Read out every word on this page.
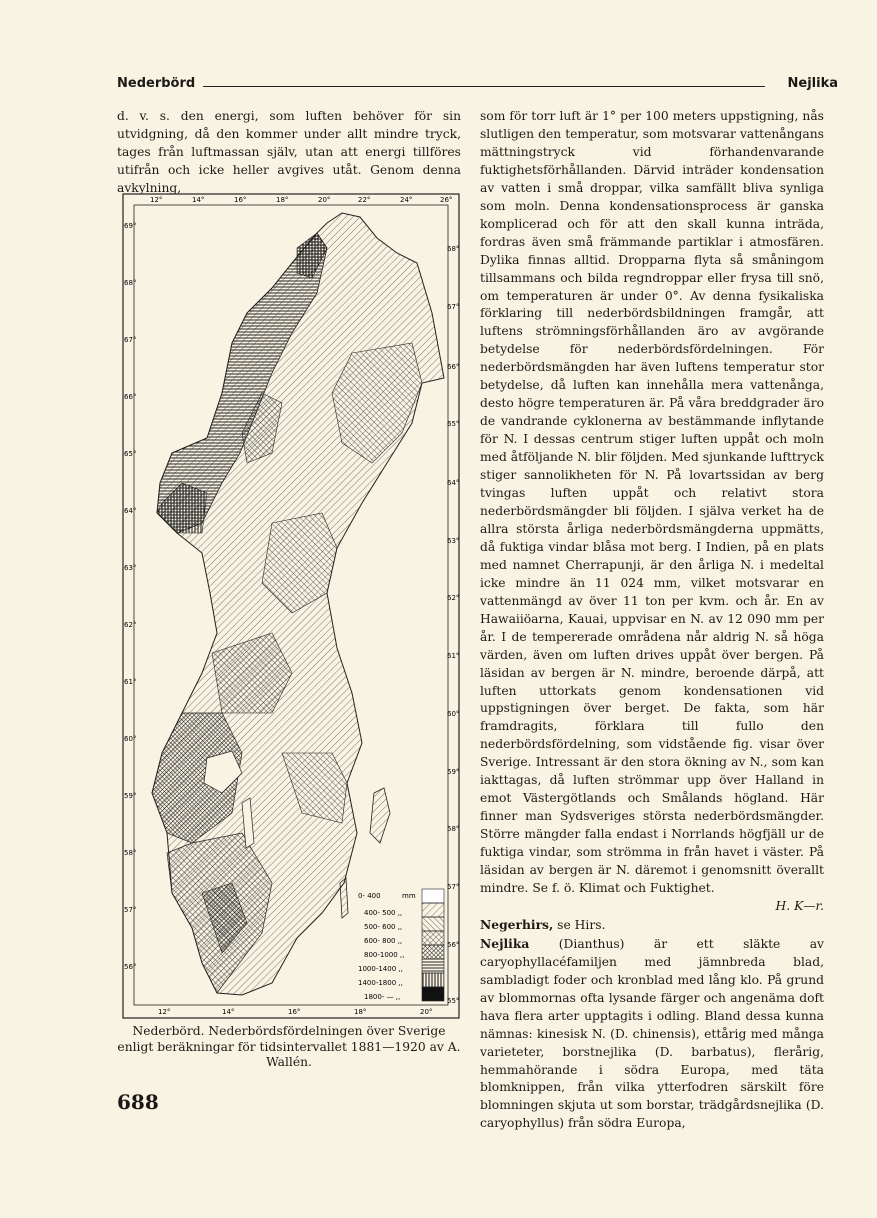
Nederbörd	Nejlika

d. v. s. den energi, som luften behöver för sin utvidgning, då den kommer under allt mindre tryck, tages från luftmassan själv, utan att energi tillföres utifrån och icke heller avgives utåt. Genom denna avkylning,

12°	14°	16°	18°	20°	22°	24°	26°
12°	14°	16°	18°	20°
69°
68°
67°
66°
65°
64°
63°
62°
61°
60°
59°
58°
57°
56°
68°
67°
66°
65°
64°
63°
62°
61°
60°
59°
58°
57°
56°
55°
0- 400	mm
400- 500 ,,
500- 600 ,,
600- 800 ,,
800-1000 ,,
1000-1400 ,,
1400-1800 ,,
1800- — ,,
Nederbörd. Nederbördsfördelningen över Sverige enligt beräkningar för tidsintervallet 1881—1920 av A. Wallén.

som för torr luft är 1° per 100 meters uppstigning, nås slutligen den temperatur, som motsvarar vattenångans mättningstryck vid förhandenvarande fuktighetsförhållanden. Därvid inträder kondensation av vatten i små droppar, vilka samfällt bliva synliga som moln. Denna kondensationsprocess är ganska komplicerad och för att den skall kunna inträda, fordras även små främmande partiklar i atmosfären. Dylika finnas alltid. Dropparna flyta så småningom tillsammans och bilda regndroppar eller frysa till snö, om temperaturen är under 0°. Av denna fysikaliska förklaring till nederbördsbildningen framgår, att luftens strömningsförhållanden äro av avgörande betydelse för nederbördsfördelningen. För nederbördsmängden har även luftens temperatur stor betydelse, då luften kan innehålla mera vattenånga, desto högre temperaturen är. På våra breddgrader äro de vandrande cyklonerna av bestämmande inflytande för N. I dessas centrum stiger luften uppåt och moln med åtföljande N. blir följden. Med sjunkande lufttryck stiger sannolikheten för N. På lovartssidan av berg tvingas luften uppåt och relativt stora nederbördsmängder bli följden. I själva verket ha de allra största årliga nederbördsmängderna uppmätts, då fuktiga vindar blåsa mot berg. I Indien, på en plats med namnet Cherrapunji, är den årliga N. i medeltal icke mindre än 11 024 mm, vilket motsvarar en vattenmängd av över 11 ton per kvm. och år. En av Hawaiiöarna, Kauai, uppvisar en N. av 12 090 mm per år. I de tempererade områdena når aldrig N. så höga värden, även om luften drives uppåt över bergen. På läsidan av bergen är N. mindre, beroende därpå, att luften uttorkats genom kondensationen vid uppstigningen över berget. De fakta, som här framdragits, förklara till fullo den nederbördsfördelning, som vidstående fig. visar över Sverige. Intressant är den stora ökning av N., som kan iakttagas, då luften strömmar upp över Halland in emot Västergötlands och Smålands högland. Här finner man Sydsveriges största nederbördsmängder. Större mängder falla endast i Norrlands högfjäll ur de fuktiga vindar, som strömma in från havet i väster. På läsidan av bergen är N. däremot i genomsnitt överallt mindre. Se f. ö. Klimat och Fuktighet.

H. K—r.

Negerhirs, se Hirs.

Nejlika (Dianthus) är ett släkte av caryophyllacéfamiljen med jämnbreda blad, sambladigt foder och kronblad med lång klo. På grund av blommornas ofta lysande färger och angenäma doft hava flera arter upptagits i odling. Bland dessa kunna nämnas: kinesisk N. (D. chinensis), ettårig med många varieteter, borstnejlika (D. barbatus), flerårig, hemmahörande i södra Europa, med täta blomknippen, från vilka ytterfodren särskilt före blomningen skjuta ut som borstar, trädgårdsnejlika (D. caryophyllus) från södra Europa,

688
